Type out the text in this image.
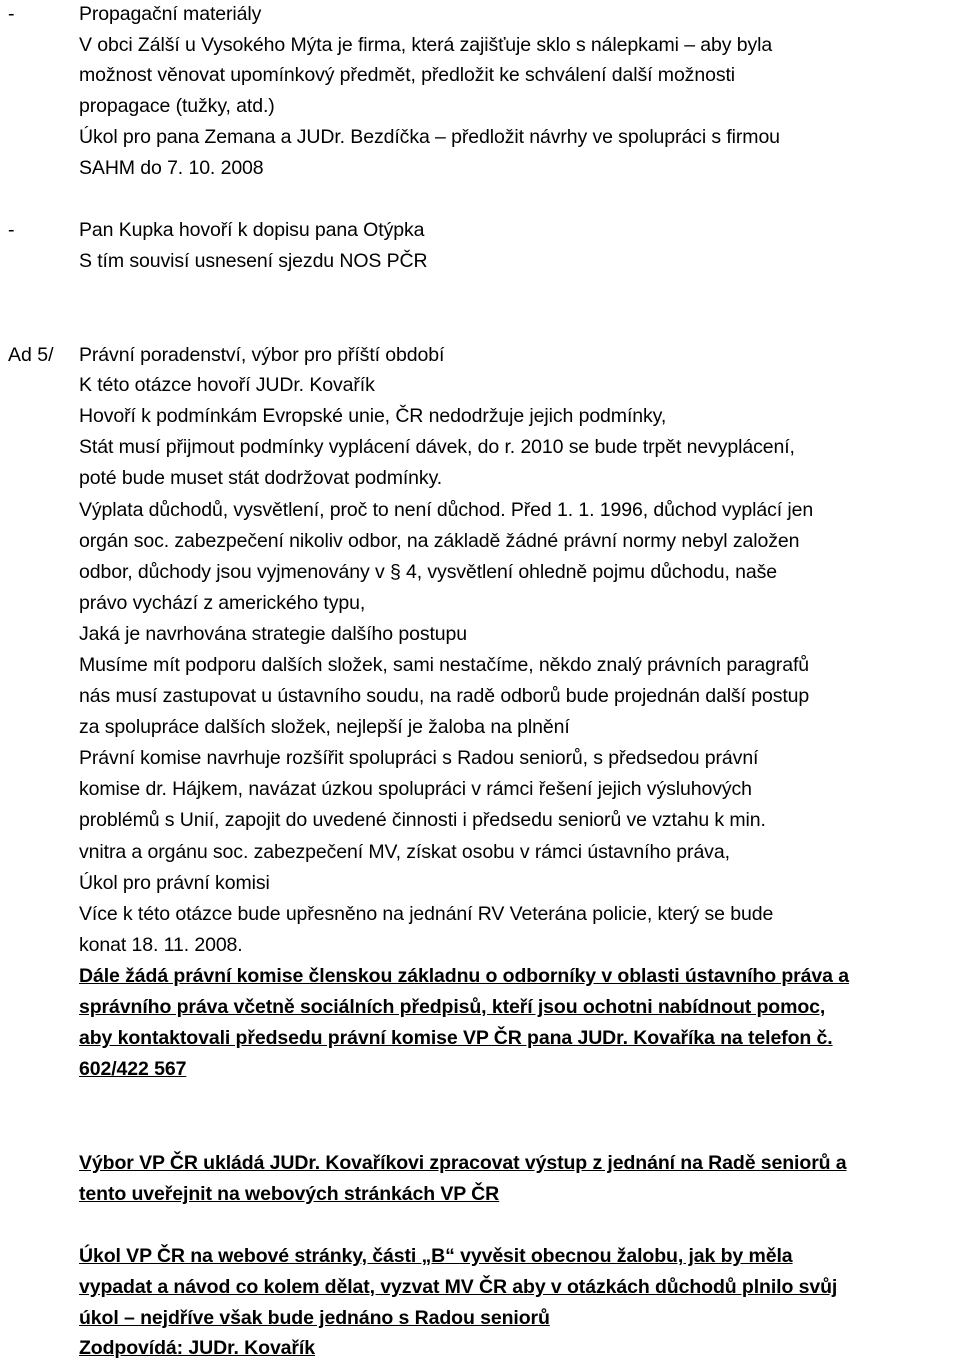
-	Propagační materiály
V obci Zálší u Vysokého Mýta je firma, která zajišťuje sklo s nálepkami – aby byla
možnost věnovat upomínkový předmět, předložit ke schválení další možnosti
propagace (tužky, atd.)
Úkol pro pana Zemana a JUDr. Bezdíčka – předložit návrhy ve spolupráci s firmou
SAHM do 7. 10. 2008
-	Pan Kupka hovoří k dopisu pana Otýpka
S tím souvisí usnesení sjezdu NOS PČR
Ad 5/ Právní poradenství, výbor pro příští období
K této otázce hovoří JUDr. Kovařík
Hovoří k podmínkám Evropské unie, ČR nedodržuje jejich podmínky,
Stát musí přijmout podmínky vyplácení dávek, do r. 2010 se bude trpět nevyplácení,
poté bude muset stát dodržovat podmínky.
Výplata důchodů, vysvětlení, proč to není důchod. Před 1. 1. 1996, důchod vyplácí jen
orgán soc. zabezpečení nikoliv odbor, na základě žádné právní normy nebyl založen
odbor, důchody jsou vyjmenovány v § 4, vysvětlení ohledně pojmu důchodu, naše
právo vychází z amerického typu,
Jaká je navrhována strategie dalšího postupu
Musíme mít podporu dalších složek, sami nestačíme, někdo znalý právních paragrafů
nás musí zastupovat u ústavního soudu, na radě odborů bude projednán další postup
za spolupráce dalších složek, nejlepší je žaloba na plnění
Právní komise navrhuje rozšířit spolupráci s Radou seniorů, s předsedou právní
komise dr. Hájkem, navázat úzkou spolupráci v rámci řešení jejich výsluhových
problémů s Unií, zapojit do uvedené činnosti i předsedu seniorů ve vztahu k min.
vnitra a orgánu soc. zabezpečení MV, získat osobu v rámci ústavního práva,
Úkol pro právní komisi
Více k této otázce bude upřesněno na jednání RV Veterána policie, který se bude
konat 18. 11. 2008.
Dále žádá právní komise členskou základnu o odborníky v oblasti ústavního práva a
správního práva včetně sociálních předpisů, kteří jsou ochotni nabídnout pomoc,
aby kontaktovali předsedu právní komise VP ČR pana JUDr. Kovaříka na telefon č.
602/422 567
Výbor VP ČR ukládá JUDr. Kovaříkovi zpracovat výstup z jednání na Radě seniorů a
tento uveřejnit na webových stránkách VP ČR
Úkol VP ČR na webové stránky, části „B“ vyvěsit obecnou žalobu, jak by měla
vypadat a návod co kolem dělat, vyzvat MV ČR aby v otázkách důchodů plnilo svůj
úkol – nejdříve však bude jednáno s Radou seniorů
Zodpovídá: JUDr. Kovařík
